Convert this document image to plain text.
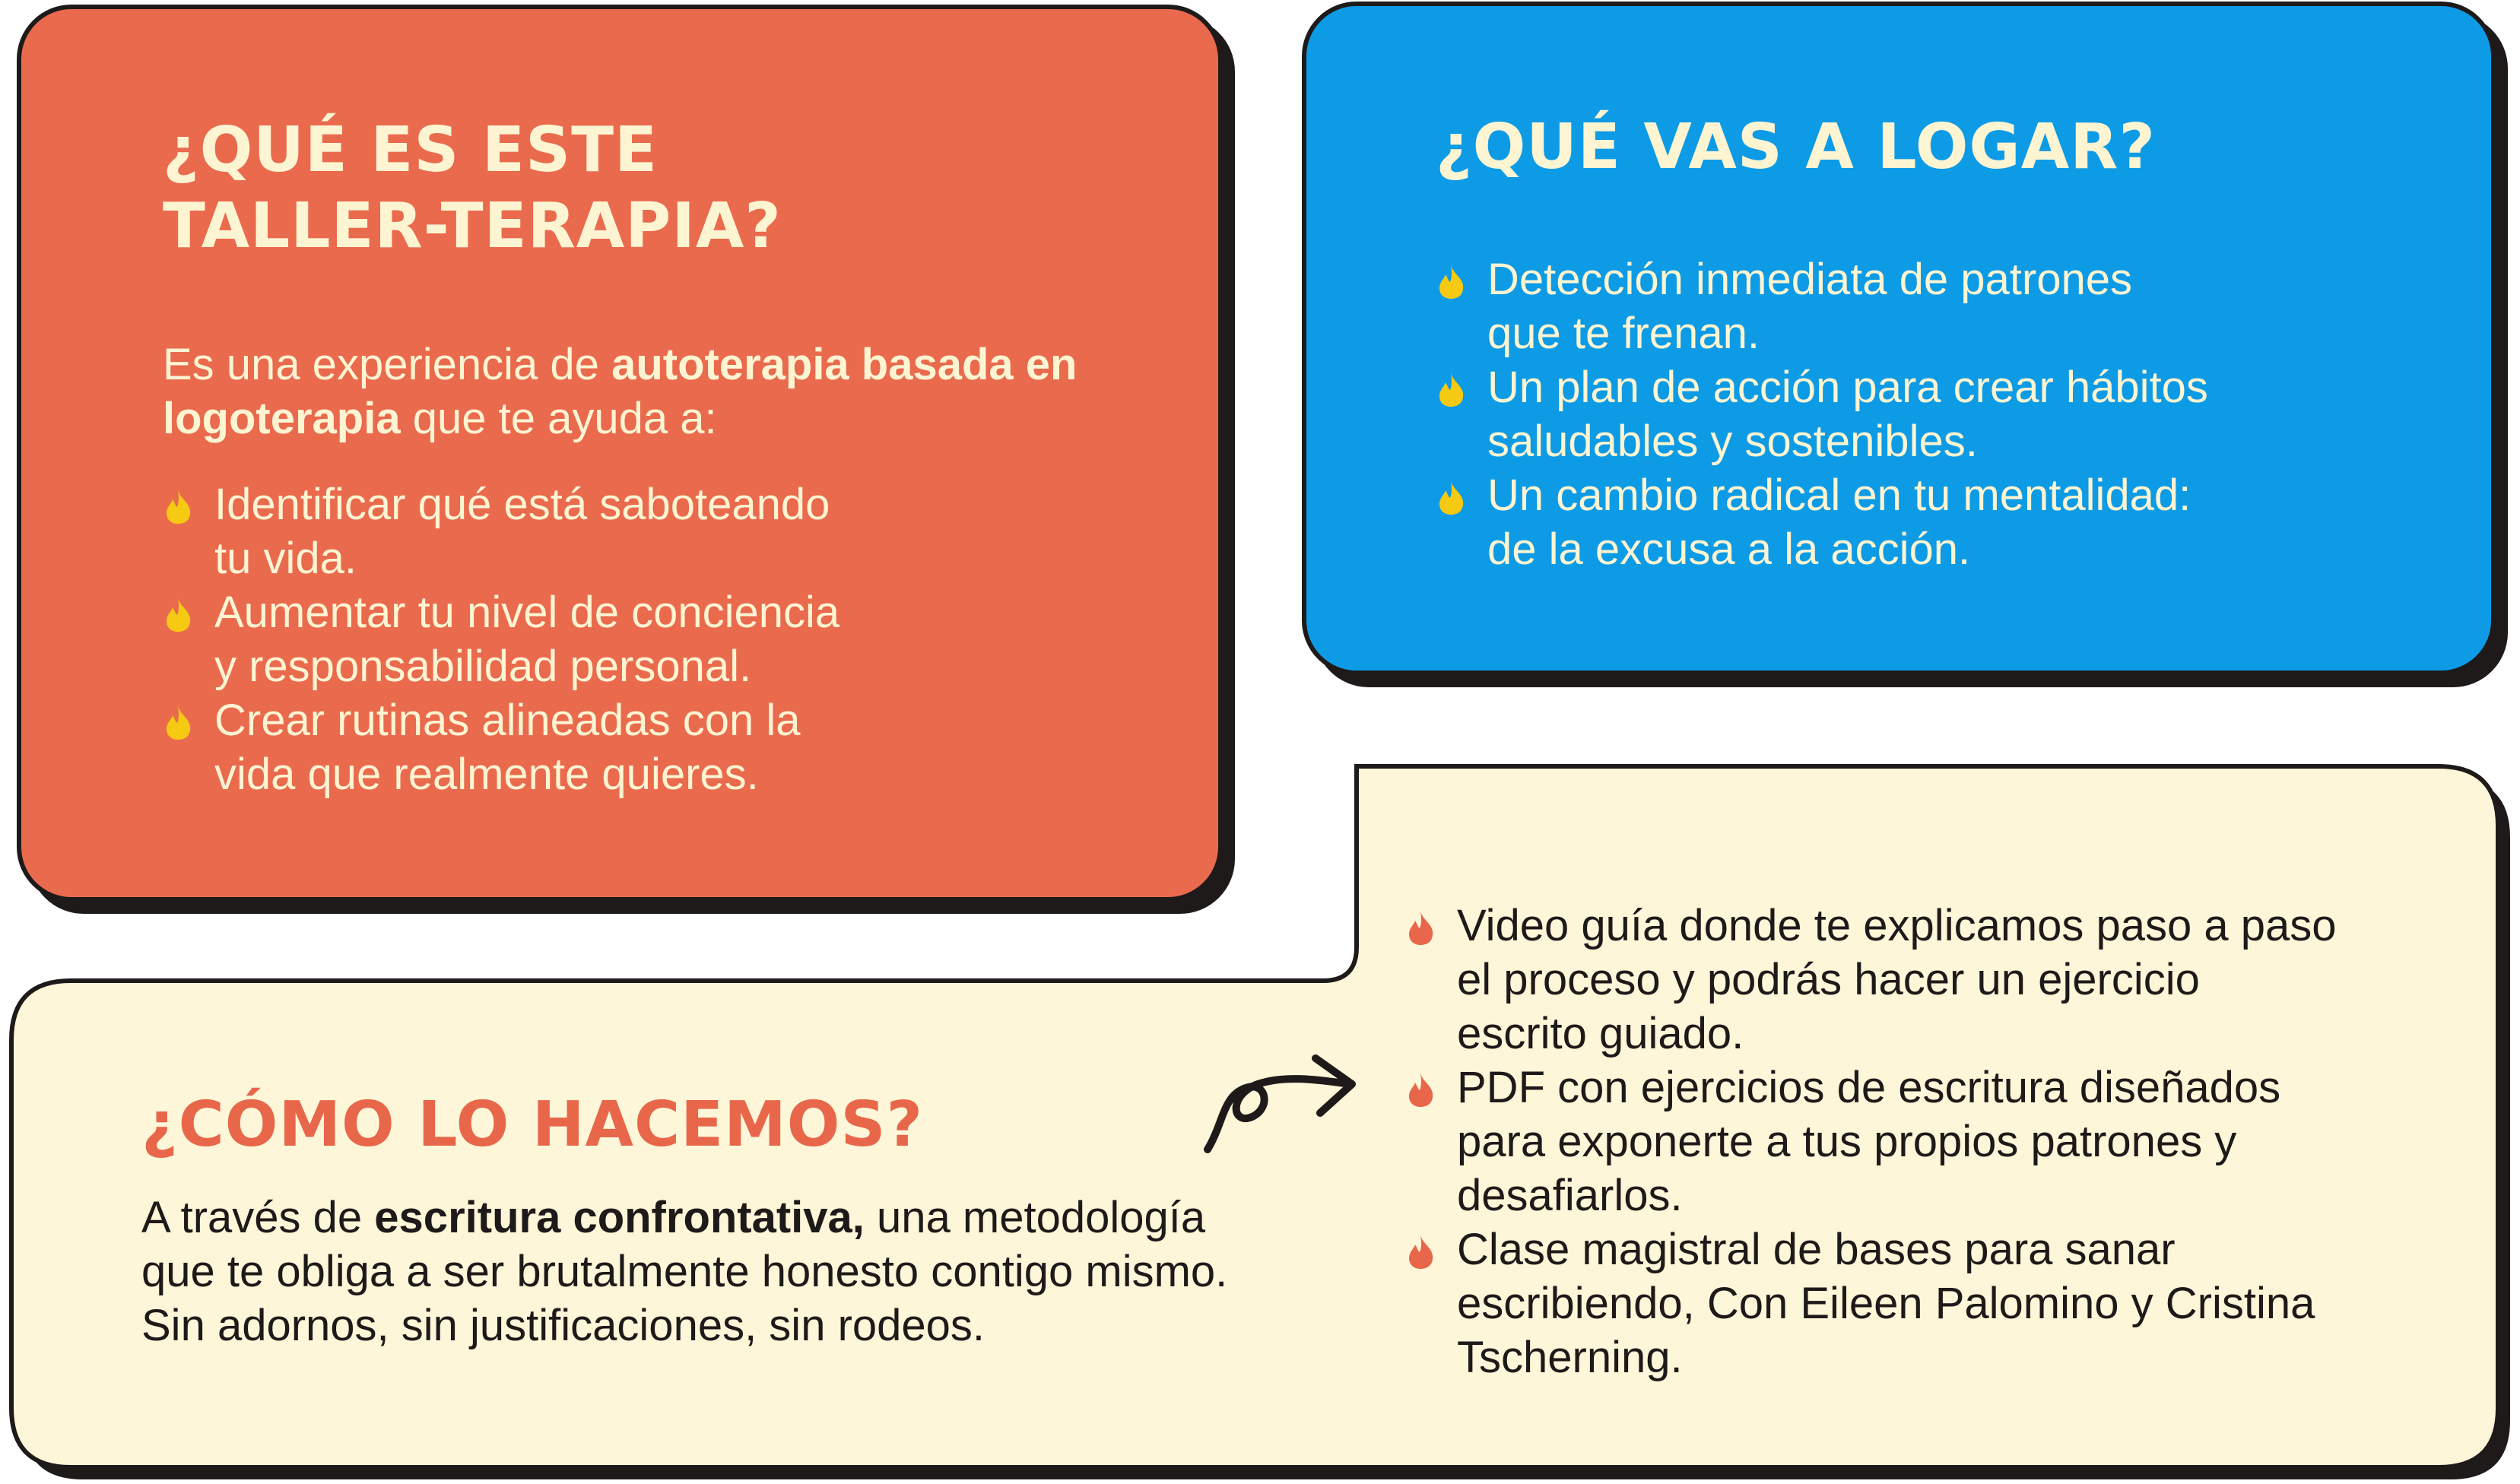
¿QUÉ ES ESTE
TALLER-TERAPIA?

Es una experiencia de autoterapia basada en logoterapia que te ayuda a:

Identificar qué está saboteando
tu vida.
Aumentar tu nivel de conciencia
y responsabilidad personal.
Crear rutinas alineadas con la
vida que realmente quieres.
¿QUÉ VAS A LOGAR?
Detección inmediata de patrones
que te frenan.
Un plan de acción para crear hábitos
saludables y sostenibles.
Un cambio radical en tu mentalidad:
de la excusa a la acción.
¿CÓMO LO HACEMOS?

A través de escritura confrontativa, una metodología que te obliga a ser brutalmente honesto contigo mismo. Sin adornos, sin justificaciones, sin rodeos.

Video guía donde te explicamos paso a paso
el proceso y podrás hacer un ejercicio
escrito guiado.
PDF con ejercicios de escritura diseñados
para exponerte a tus propios patrones y
desafiarlos.
Clase magistral de bases para sanar
escribiendo, Con Eileen Palomino y Cristina
Tscherning.
